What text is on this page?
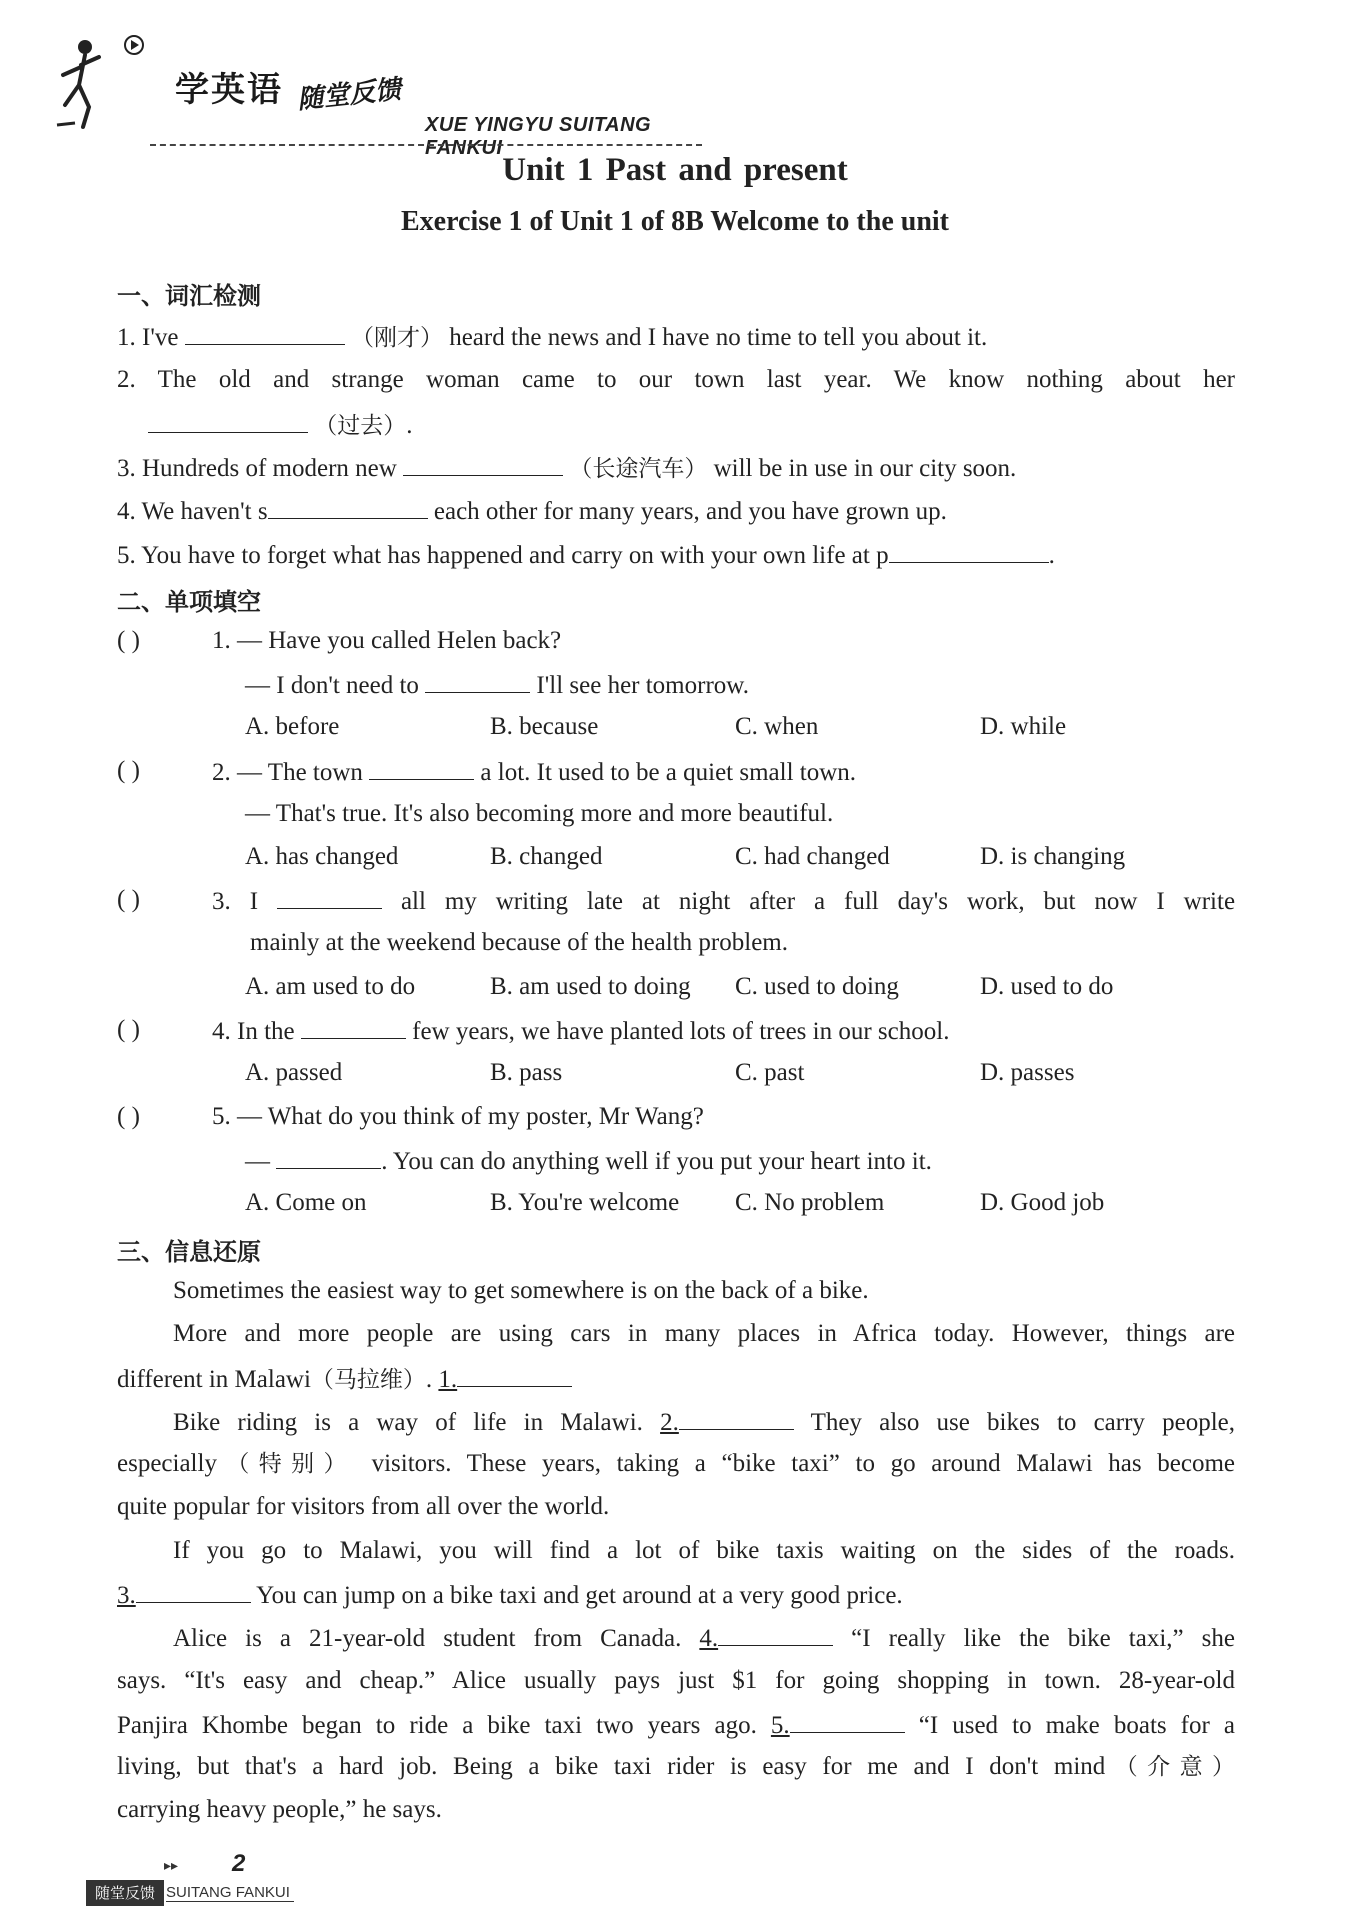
学英语 随堂反馈
XUE YINGYU SUITANG FANKUI
Unit 1 Past and present
Exercise 1 of Unit 1 of 8B Welcome to the unit
一、词汇检测
1. I've	（刚才） heard the news and I have no time to tell you about it.
2. The old and strange woman came to our town last year. We know nothing about her
（过去）.
3. Hundreds of modern new	（长途汽车） will be in use in our city soon.
4. We haven't s	each other for many years, and you have grown up.
5. You have to forget what has happened and carry on with your own life at p	.
二、单项填空
( )	1. — Have you called Helen back?
— I don't need to	I'll see her tomorrow.
A. before	B. because	C. when	D. while
( )	2. — The town	a lot. It used to be a quiet small town.
— That's true. It's also becoming more and more beautiful.
A. has changed	B. changed	C. had changed	D. is changing
( )	3. I	all my writing late at night after a full day's work, but now I write
mainly at the weekend because of the health problem.
A. am used to do	B. am used to doing C. used to doing	D. used to do
( )	4. In the	few years, we have planted lots of trees in our school.
A. passed	B. pass	C. past	D. passes
( )	5. — What do you think of my poster, Mr Wang?
—	. You can do anything well if you put your heart into it.
A. Come on	B. You're welcome C. No problem	D. Good job
三、信息还原
Sometimes the easiest way to get somewhere is on the back of a bike.
More and more people are using cars in many places in Africa today. However, things are
different in Malawi（马拉维）. 1.
Bike riding is a way of life in Malawi. 2.	They also use bikes to carry people,
especially（特别） visitors. These years, taking a “bike taxi” to go around Malawi has become
quite popular for visitors from all over the world.
If you go to Malawi, you will find a lot of bike taxis waiting on the sides of the roads.
3.	You can jump on a bike taxi and get around at a very good price.
Alice is a 21-year-old student from Canada. 4.	“I really like the bike taxi,” she
says. “It's easy and cheap.” Alice usually pays just $1 for going shopping in town. 28-year-old
Panjira Khombe began to ride a bike taxi two years ago. 5.	“I used to make boats for a
living, but that's a hard job. Being a bike taxi rider is easy for me and I don't mind（介意）
carrying heavy people,” he says.
▸▸ 2
随堂反馈 SUITANG FANKUI
